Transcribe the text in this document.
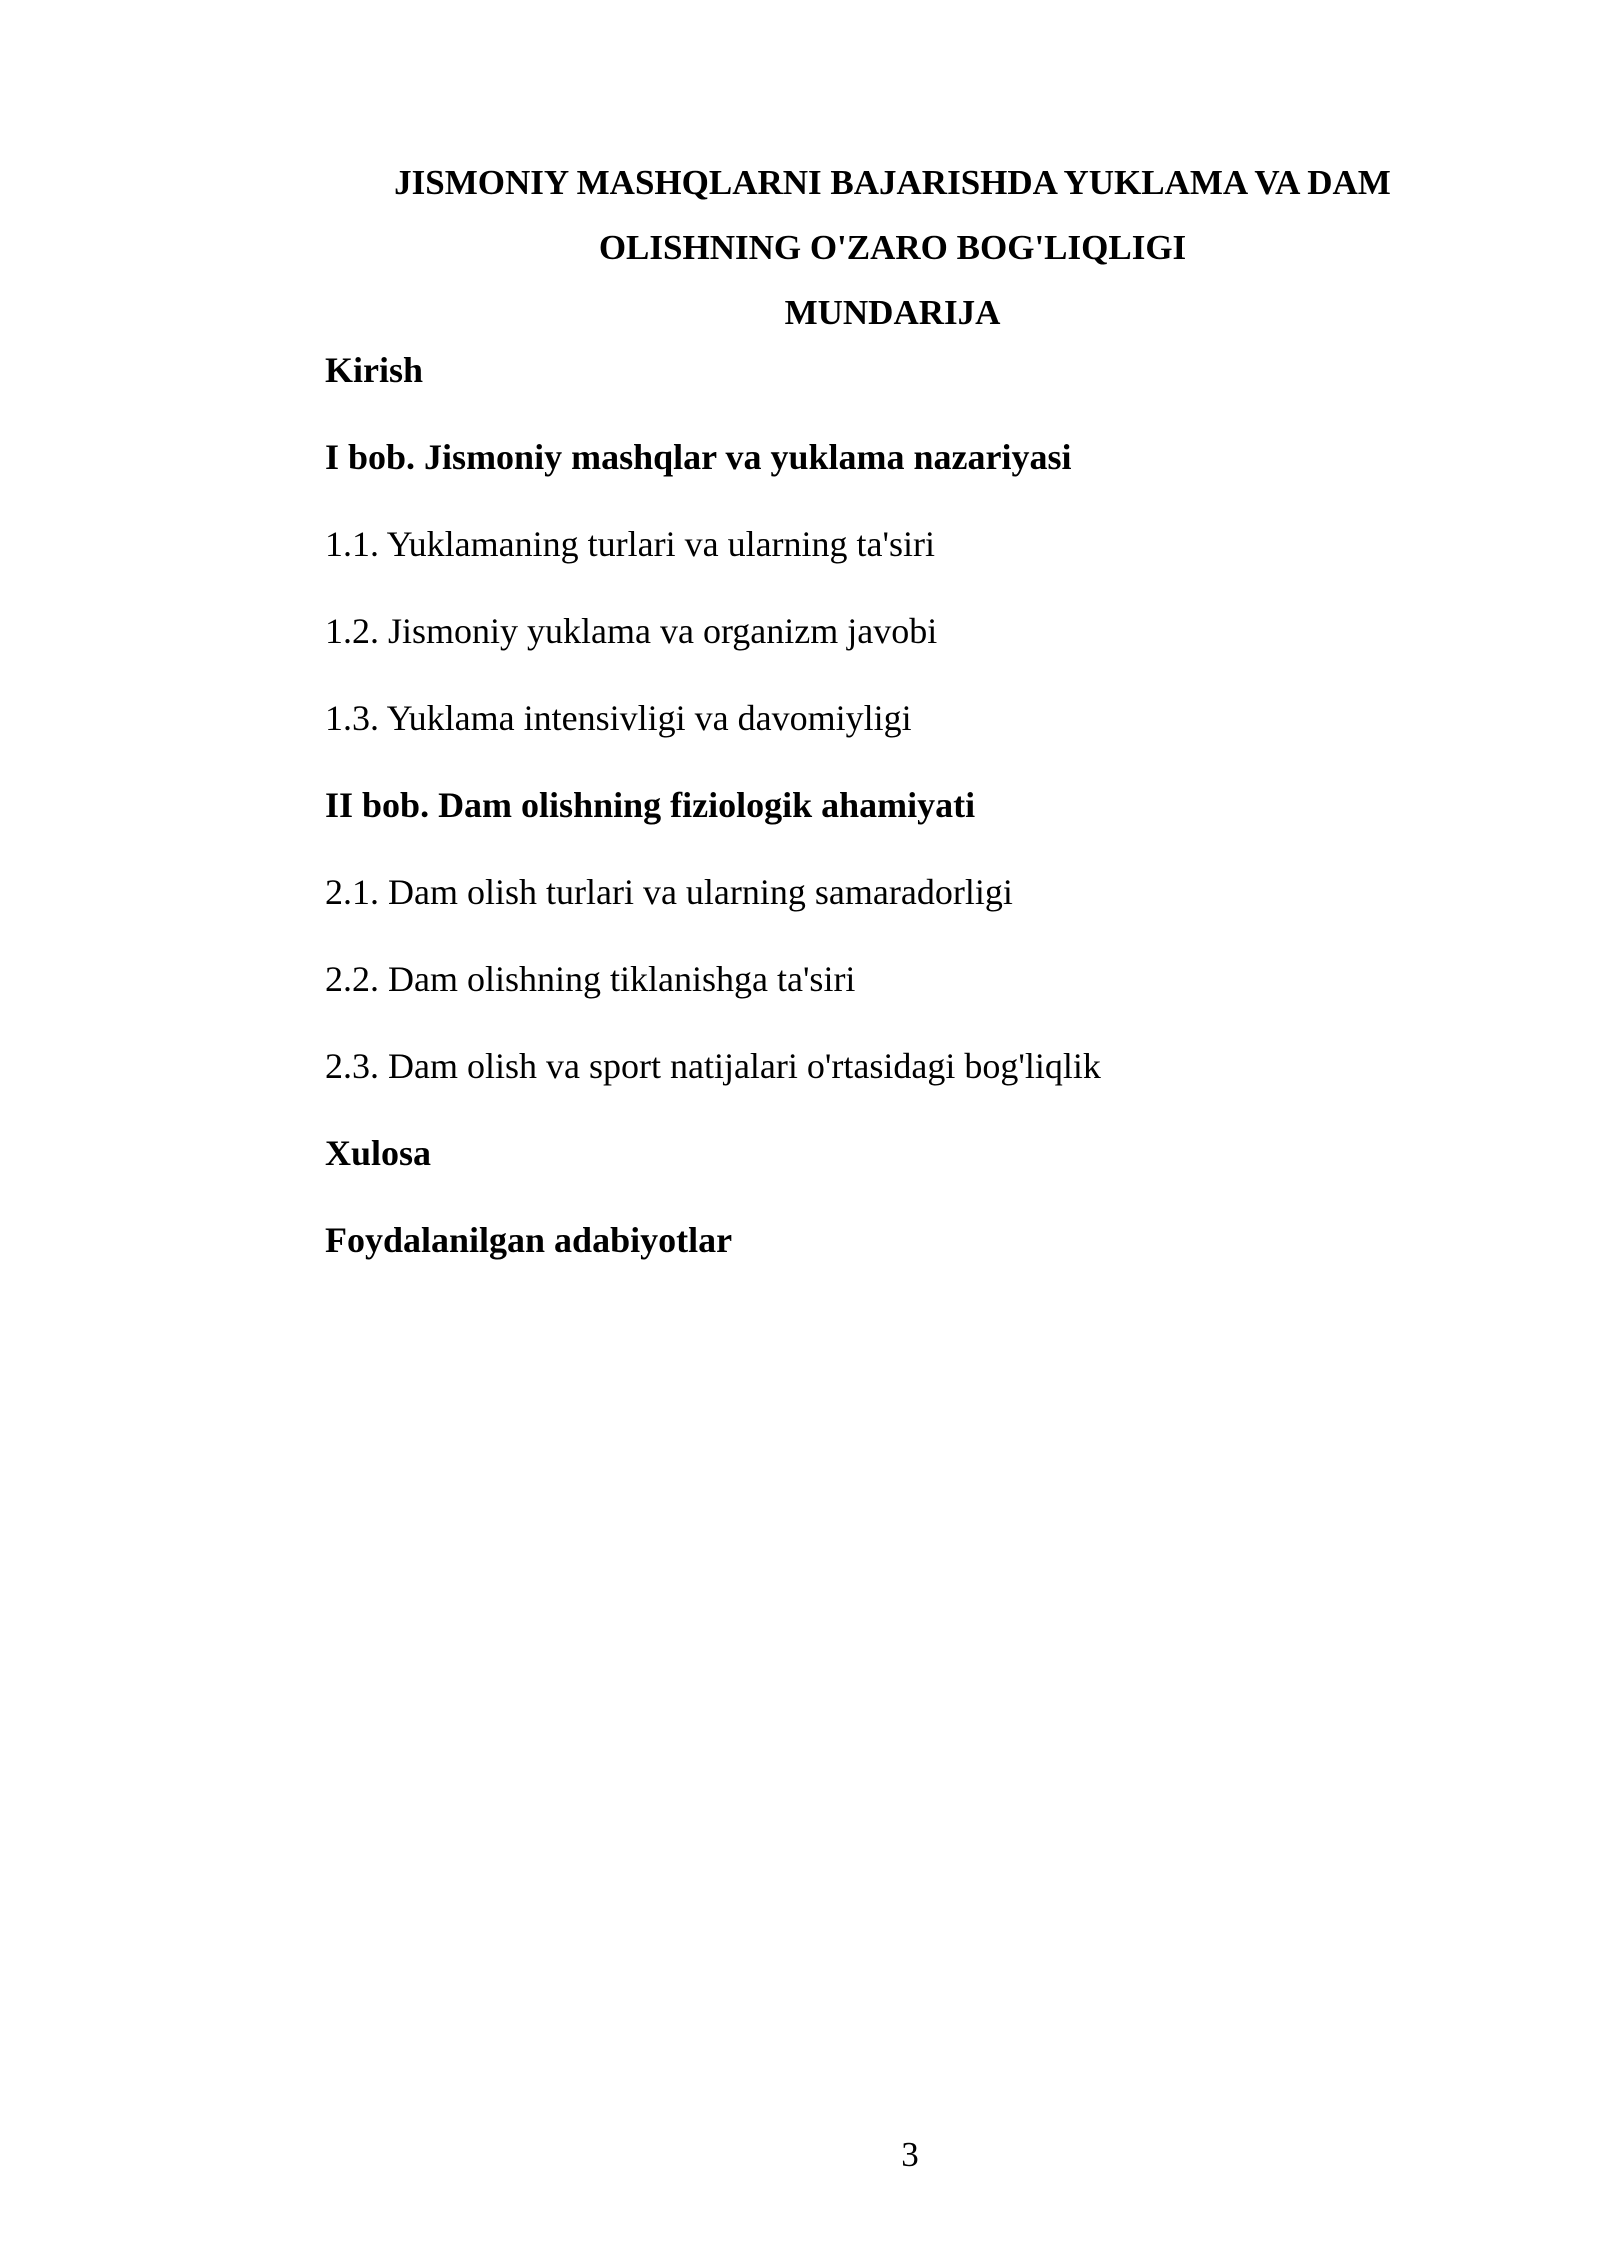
JISMONIY MASHQLARNI BAJARISHDA YUKLAMA VA DAM
OLISHNING O'ZARO BOG'LIQLIGI
MUNDARIJA
Kirish
I bob. Jismoniy mashqlar va yuklama nazariyasi
1.1. Yuklamaning turlari va ularning ta'siri
1.2. Jismoniy yuklama va organizm javobi
1.3. Yuklama intensivligi va davomiyligi
II bob. Dam olishning fiziologik ahamiyati
2.1. Dam olish turlari va ularning samaradorligi
2.2. Dam olishning tiklanishga ta'siri
2.3. Dam olish va sport natijalari o'rtasidagi bog'liqlik
Xulosa
Foydalanilgan adabiyotlar
3
